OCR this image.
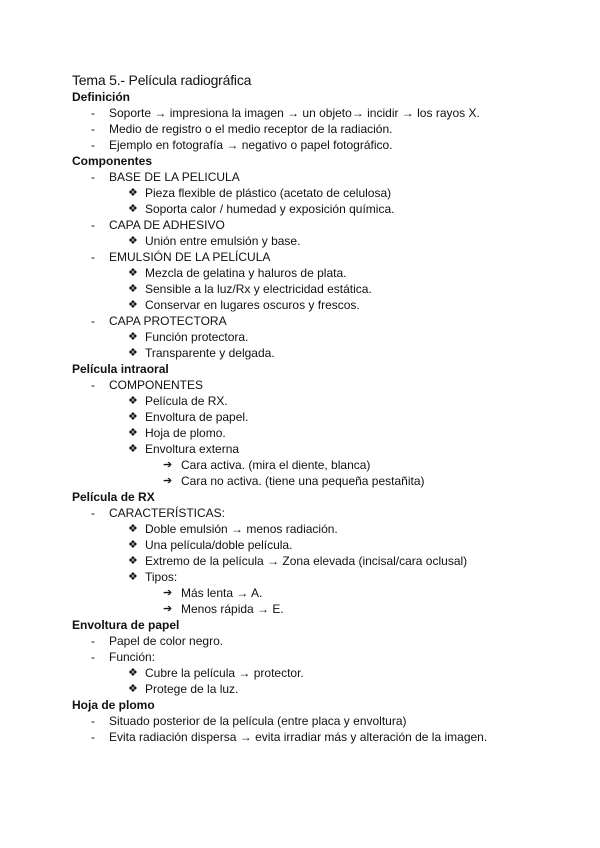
Tema 5.- Película radiográfica
Definición
- Soporte → impresiona la imagen → un objeto→ incidir → los rayos X.
- Medio de registro o el medio receptor de la radiación.
- Ejemplo en fotografía → negativo o papel fotográfico.
Componentes
- BASE DE LA PELICULA
❖ Pieza flexible de plástico (acetato de celulosa)
❖ Soporta calor / humedad y exposición química.
- CAPA DE ADHESIVO
❖ Unión entre emulsión y base.
- EMULSIÓN DE LA PELÍCULA
❖ Mezcla de gelatina y haluros de plata.
❖ Sensible a la luz/Rx y electricidad estática.
❖ Conservar en lugares oscuros y frescos.
- CAPA PROTECTORA
❖ Función protectora.
❖ Transparente y delgada.
Película intraoral
- COMPONENTES
❖ Película de RX.
❖ Envoltura de papel.
❖ Hoja de plomo.
❖ Envoltura externa
➔ Cara activa. (mira el diente, blanca)
➔ Cara no activa. (tiene una pequeña pestañita)
Película de RX
- CARACTERÍSTICAS:
❖ Doble emulsión → menos radiación.
❖ Una película/doble película.
❖ Extremo de la película → Zona elevada (incisal/cara oclusal)
❖ Tipos:
➔ Más lenta → A.
➔ Menos rápida → E.
Envoltura de papel
- Papel de color negro.
- Función:
❖ Cubre la película → protector.
❖ Protege de la luz.
Hoja de plomo
- Situado posterior de la película (entre placa y envoltura)
- Evita radiación dispersa → evita irradiar más y alteración de la imagen.
